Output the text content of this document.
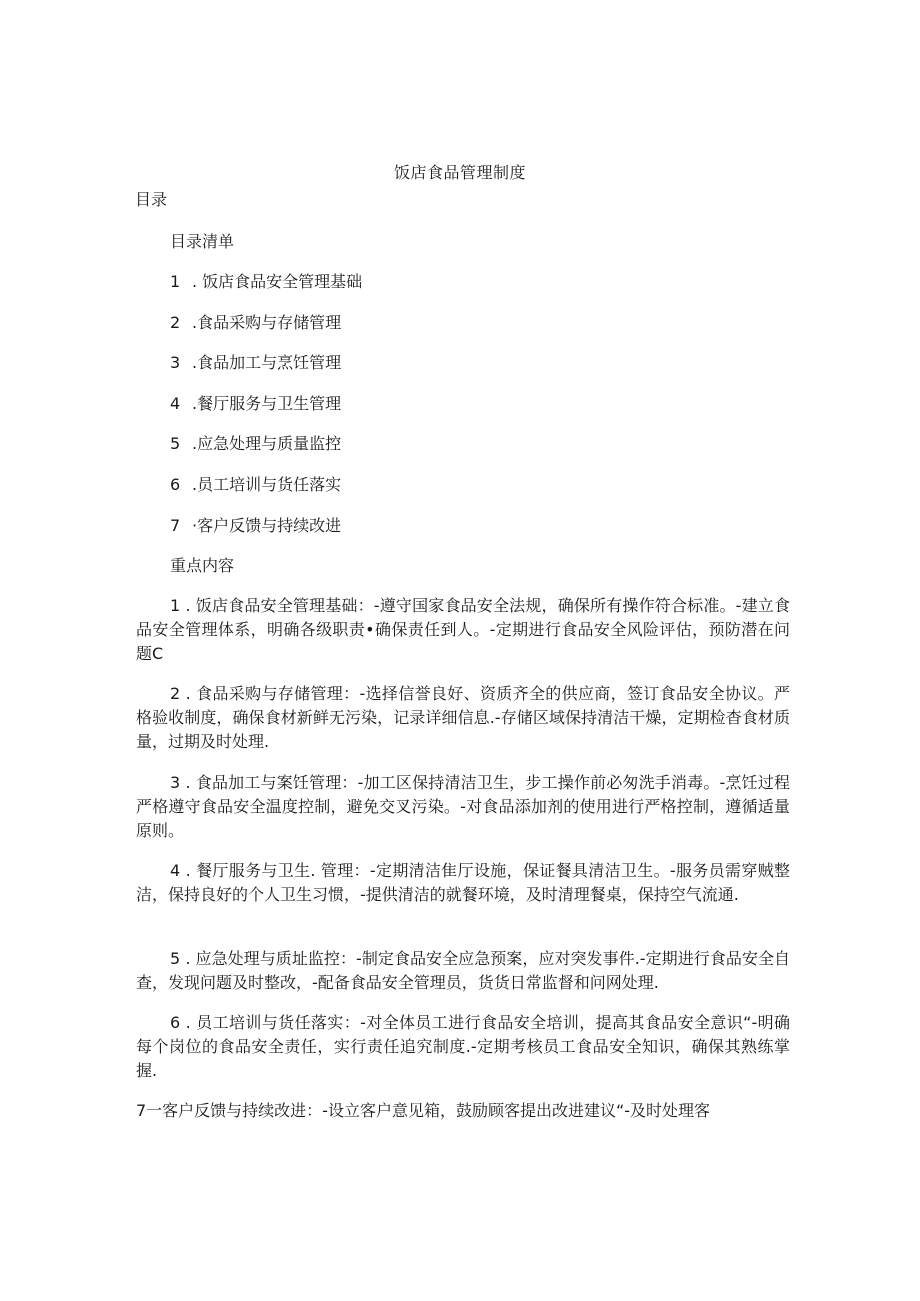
饭店食品管理制度
目录
目录清单
1 . 饭店食品安全管理基础
2 .食品采购与存储管理
3 .食品加工与烹饪管理
4 .餐厅服务与卫生管理
5 .应急处理与质量监控
6 .员工培训与货任落实
7 ·客户反馈与持续改进
重点内容

1 . 饭店食品安全管理基础：-遵守国家食品安全法规，确保所有操作符合标准。-建立食品安全管理体系，明确各级职责•确保责任到人。-定期进行食品安全风险评估，预防潜在问题C

2 . 食品采购与存储管理：-选择信誉良好、资质齐全的供应商，签订食品安全协议。严格验收制度，确保食材新鲜无污染，记录详细信息.-存储区域保持清洁干燥，定期检杳食材质量，过期及时处理.

3 . 食品加工与案饪管理：-加工区保持清洁卫生，步工操作前必匆洗手消毒。-烹饪过程严格遵守食品安全温度控制，避免交叉污染。-对食品添加剂的使用进行严格控制，遵循适量原则。

4 . 餐厅服务与卫生. 管理：-定期清洁隹厅设施，保证餐具清洁卫生。-服务员需穿贼整洁，保持良好的个人卫生习惯，-提供清洁的就餐环境，及时清理餐桌，保持空气流通.

5 . 应急处理与质址监控：-制定食品安全应急预案，应对突发事件.-定期进行食品安全自查，发现问题及时整改，-配备食品安全管理员，货货日常监督和问网处理.

6 . 员工培训与货任落实：-对全体员工进行食品安全培训，提高其食品安全意识“-明确每个岗位的食品安全责任，实行责任追究制度.-定期考核员工食品安全知识，确保其熟练掌握.

7一客户反馈与持续改进：-设立客户意见箱，鼓励顾客提出改进建议“-及时处理客
